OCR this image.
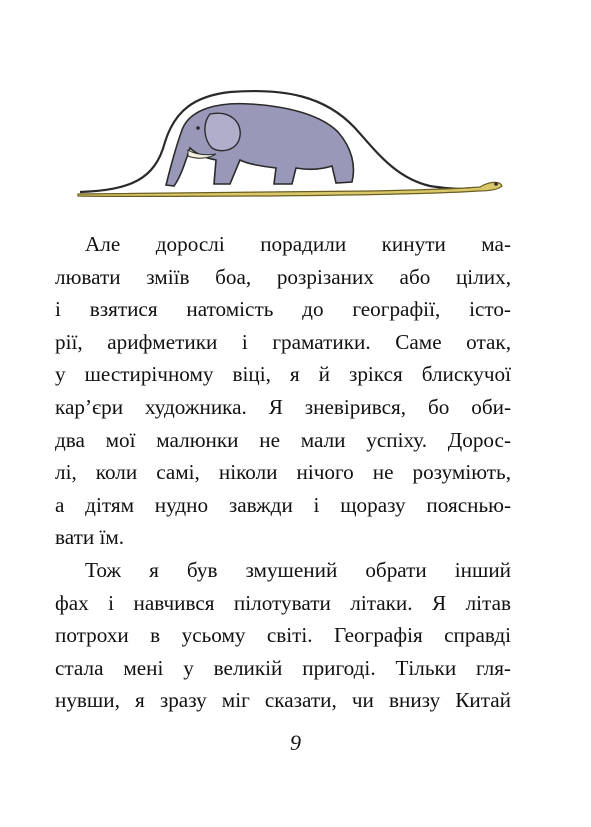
Але дорослі порадили кинути ма-
лювати зміїв боа, розрізаних або цілих,
і взятися натомість до географії, істо-
рії, арифметики і граматики. Саме отак,
у шестирічному віці, я й зрікся блискучої
кар’єри художника. Я зневірився, бо оби-
два мої малюнки не мали успіху. Дорос-
лі, коли самі, ніколи нічого не розуміють,
а дітям нудно завжди і щоразу пояснью-
вати їм.

Тож я був змушений обрати інший
фах і навчився пілотувати літаки. Я літав
потрохи в усьому світі. Географія справді
стала мені у великій пригоді. Тільки гля-
нувши, я зразу міг сказати, чи внизу Китай

9
